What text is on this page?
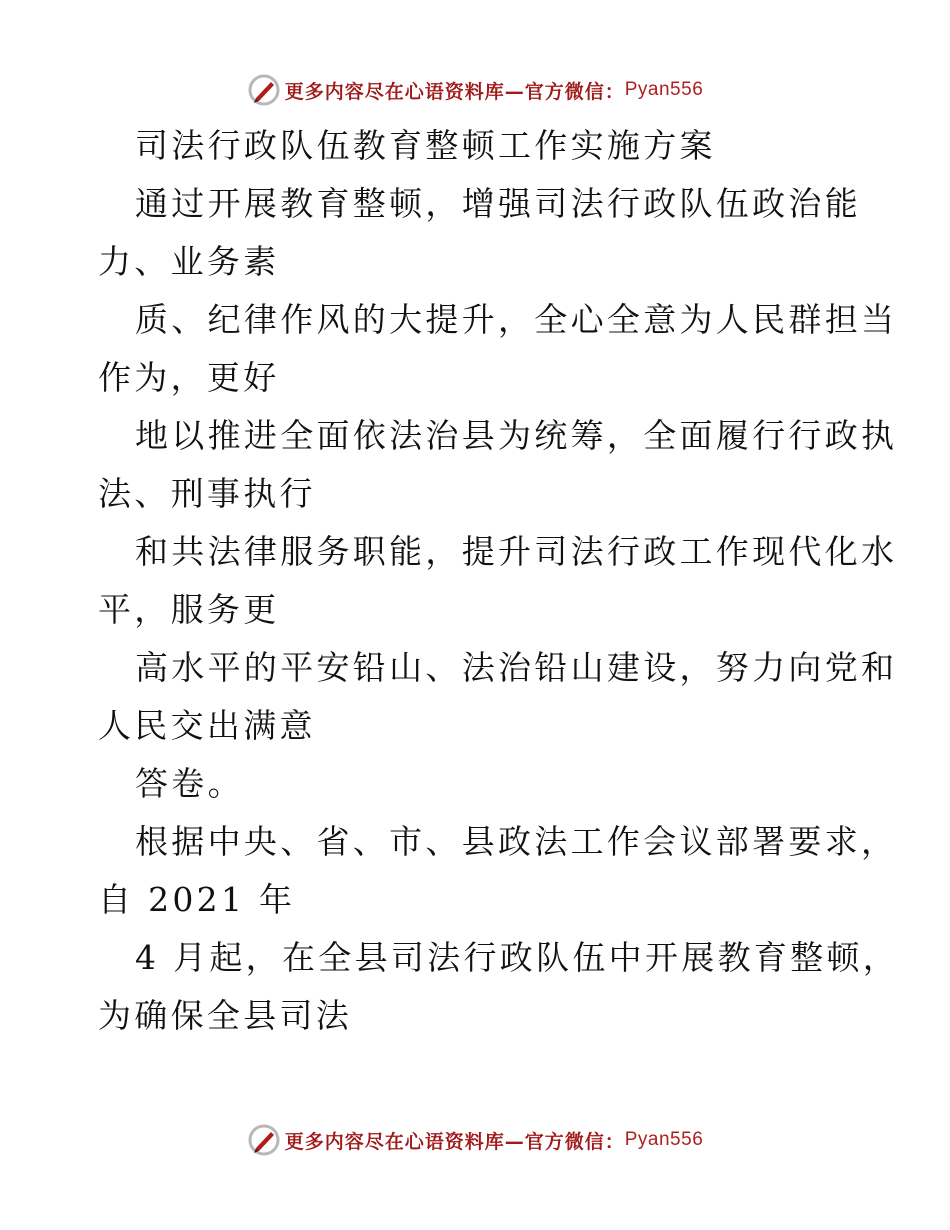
更多内容尽在心语资料库—官方微信： Pyan556
司法行政队伍教育整顿工作实施方案
通过开展教育整顿，增强司法行政队伍政治能
力、业务素
质、纪律作风的大提升，全心全意为人民群担当
作为，更好
地以推进全面依法治县为统筹，全面履行行政执
法、刑事执行
和共法律服务职能，提升司法行政工作现代化水
平，服务更
高水平的平安铅山、法治铅山建设，努力向党和
人民交出满意
答卷。
根据中央、省、市、县政法工作会议部署要求，
自 2021 年
4 月起，在全县司法行政队伍中开展教育整顿，
为确保全县司法
更多内容尽在心语资料库—官方微信： Pyan556
